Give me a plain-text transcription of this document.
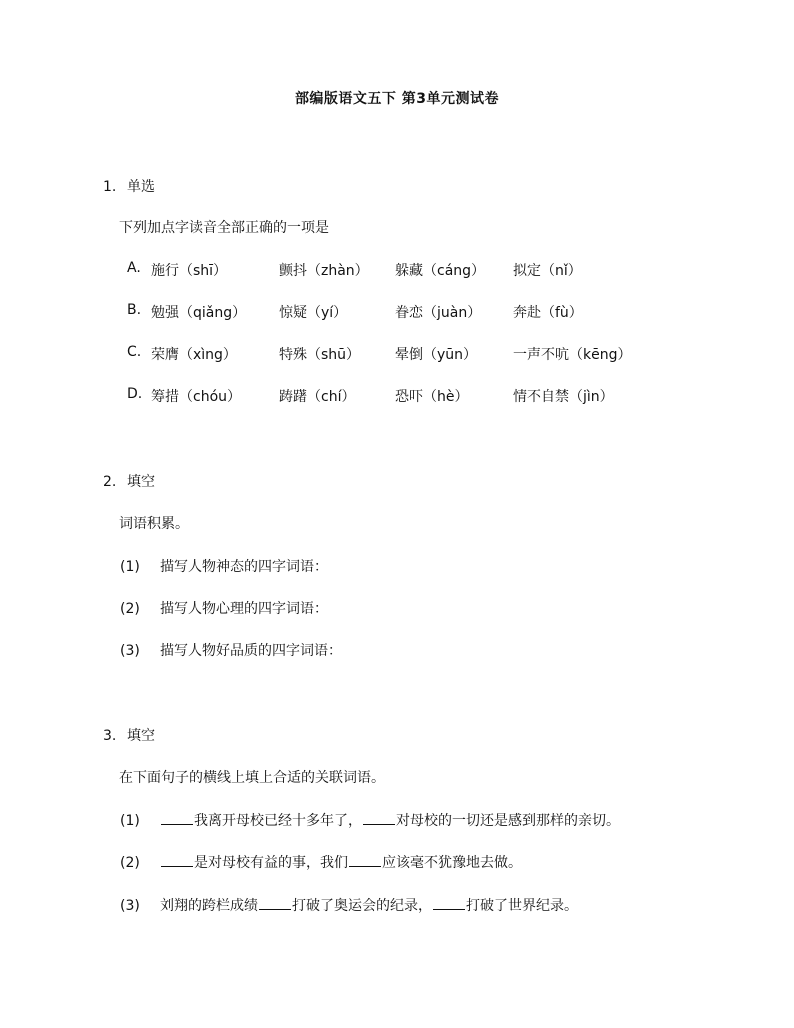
部编版语文五下 第3单元测试卷
1. 单选
下列加点字读音全部正确的一项是
A. 施行（shī）	颤抖（zhàn） 躲藏（cáng） 拟定（nǐ）
B. 勉强（qiǎng） 惊疑（yí）	眷恋（juàn） 奔赴（fù）
C. 荣膺（xìng）	特殊（shū） 晕倒（yūn）	一声不吭（kēng）
D. 筹措（chóu）	踌躇（chí）	恐吓（hè）	情不自禁（jìn）
2. 填空
词语积累。
(1) 描写人物神态的四字词语：
(2) 描写人物心理的四字词语：
(3) 描写人物好品质的四字词语：
3. 填空
在下面句子的横线上填上合适的关联词语。
(1)	我离开母校已经十多年了， 对母校的一切还是感到那样的亲切。
(2)	是对母校有益的事，我们 应该毫不犹豫地去做。
(3) 刘翔的跨栏成绩 打破了奥运会的纪录， 打破了世界纪录。
